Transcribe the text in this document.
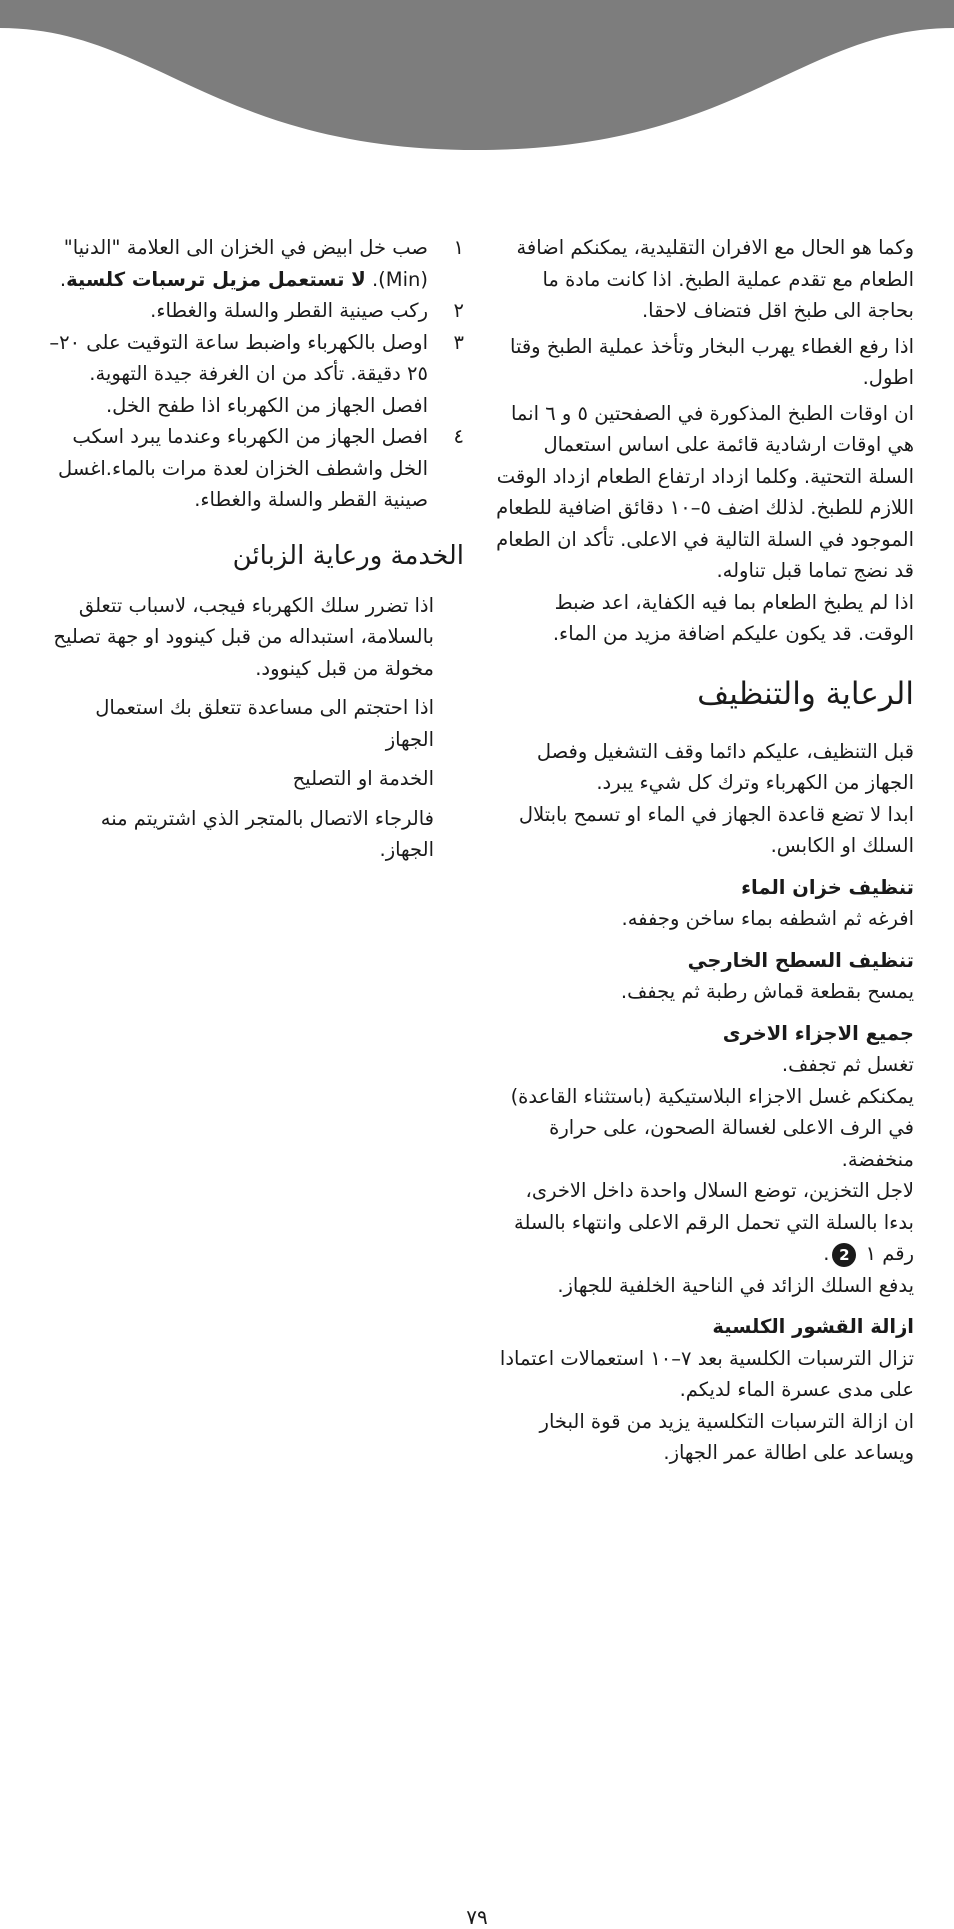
وكما هو الحال مع الافران التقليدية، يمكنكم اضافة الطعام مع تقدم عملية الطبخ. اذا كانت مادة ما بحاجة الى طبخ اقل فتضاف لاحقا.

اذا رفع الغطاء يهرب البخار وتأخذ عملية الطبخ وقتا اطول.

ان اوقات الطبخ المذكورة في الصفحتين ٥ و ٦ انما هي اوقات ارشادية قائمة على اساس استعمال السلة التحتية. وكلما ازداد ارتفاع الطعام ازداد الوقت اللازم للطبخ. لذلك اضف ٥–١٠ دقائق اضافية للطعام الموجود في السلة التالية في الاعلى. تأكد ان الطعام قد نضج تماما قبل تناوله.

اذا لم يطبخ الطعام بما فيه الكفاية، اعد ضبط الوقت. قد يكون عليكم اضافة مزيد من الماء.

الرعاية والتنظيف

قبل التنظيف، عليكم دائما وقف التشغيل وفصل الجهاز من الكهرباء وترك كل شيء يبرد.

ابدا لا تضع قاعدة الجهاز في الماء او تسمح بابتلال السلك او الكابس.

تنظيف خزان الماء

افرغه ثم اشطفه بماء ساخن وجففه.

تنظيف السطح الخارجي

يمسح بقطعة قماش رطبة ثم يجفف.

جميع الاجزاء الاخرى

تغسل ثم تجفف.

يمكنكم غسل الاجزاء البلاستيكية (باستثناء القاعدة) في الرف الاعلى لغسالة الصحون، على حرارة منخفضة.

لاجل التخزين، توضع السلال واحدة داخل الاخرى، بدءا بالسلة التي تحمل الرقم الاعلى وانتهاء بالسلة رقم ١ 2.

يدفع السلك الزائد في الناحية الخلفية للجهاز.

ازالة القشور الكلسية

تزال الترسبات الكلسية بعد ٧–١٠ استعمالات اعتمادا على مدى عسرة الماء لديكم.

ان ازالة الترسبات التكلسية يزيد من قوة البخار ويساعد على اطالة عمر الجهاز.

١
صب خل ابيض في الخزان الى العلامة "الدنيا" (Min). لا تستعمل مزيل ترسبات كلسية.
٢
ركب صينية القطر والسلة والغطاء.
٣
اوصل بالكهرباء واضبط ساعة التوقيت على ٢٠–٢٥ دقيقة. تأكد من ان الغرفة جيدة التهوية. افصل الجهاز من الكهرباء اذا طفح الخل.
٤
افصل الجهاز من الكهرباء وعندما يبرد اسكب الخل واشطف الخزان لعدة مرات بالماء.اغسل صينية القطر والسلة والغطاء.
الخدمة ورعاية الزبائن

اذا تضرر سلك الكهرباء فيجب، لاسباب تتعلق بالسلامة، استبداله من قبل كينوود او جهة تصليح مخولة من قبل كينوود.

اذا احتجتم الى مساعدة تتعلق بك استعمال الجهاز

الخدمة او التصليح

فالرجاء الاتصال بالمتجر الذي اشتريتم منه الجهاز.

٧٩
